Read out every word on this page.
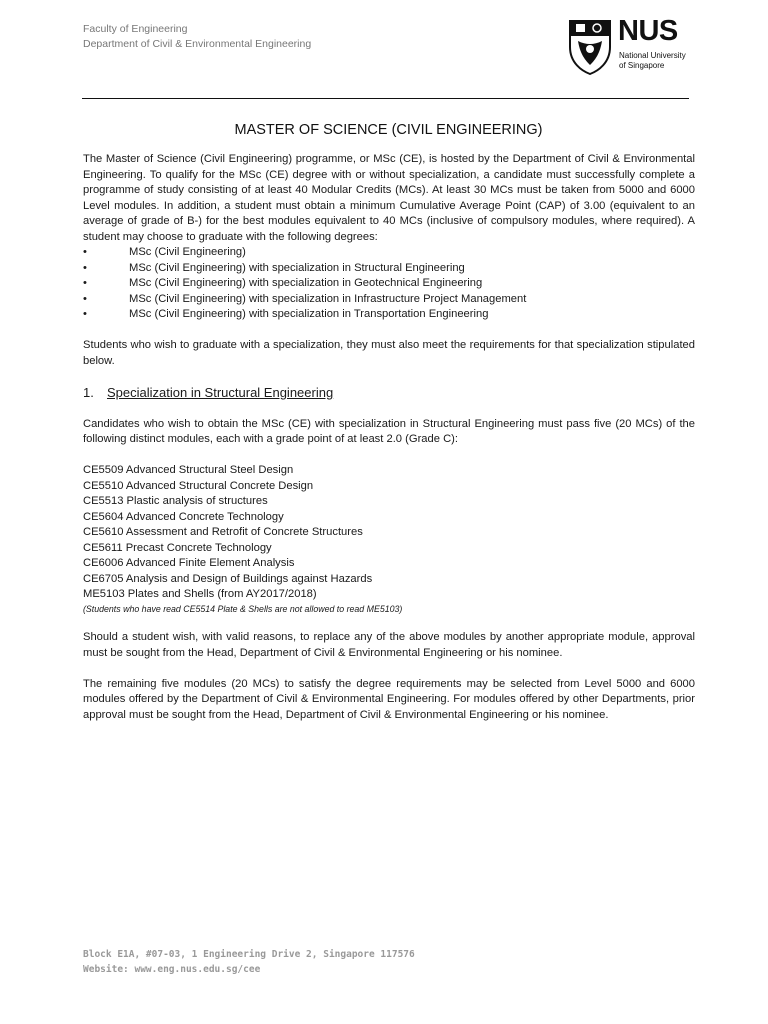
Faculty of Engineering
Department of Civil & Environmental Engineering	NUS
National University
of Singapore
MASTER OF SCIENCE (CIVIL ENGINEERING)

The Master of Science (Civil Engineering) programme, or MSc (CE), is hosted by the Department of Civil & Environmental Engineering. To qualify for the MSc (CE) degree with or without specialization, a candidate must successfully complete a programme of study consisting of at least 40 Modular Credits (MCs). At least 30 MCs must be taken from 5000 and 6000 Level modules. In addition, a student must obtain a minimum Cumulative Average Point (CAP) of 3.00 (equivalent to an average of grade of B-) for the best modules equivalent to 40 MCs (inclusive of compulsory modules, where required). A student may choose to graduate with the following degrees:

•	MSc (Civil Engineering)
•	MSc (Civil Engineering) with specialization in Structural Engineering
•	MSc (Civil Engineering) with specialization in Geotechnical Engineering
•	MSc (Civil Engineering) with specialization in Infrastructure Project Management
•	MSc (Civil Engineering) with specialization in Transportation Engineering

Students who wish to graduate with a specialization, they must also meet the requirements for that specialization stipulated below.

1. Specialization in Structural Engineering

Candidates who wish to obtain the MSc (CE) with specialization in Structural Engineering must pass five (20 MCs) of the following distinct modules, each with a grade point of at least 2.0 (Grade C):

CE5509 Advanced Structural Steel Design
CE5510 Advanced Structural Concrete Design
CE5513 Plastic analysis of structures
CE5604 Advanced Concrete Technology
CE5610 Assessment and Retrofit of Concrete Structures
CE5611 Precast Concrete Technology
CE6006 Advanced Finite Element Analysis
CE6705 Analysis and Design of Buildings against Hazards
ME5103 Plates and Shells (from AY2017/2018)
(Students who have read CE5514 Plate & Shells are not allowed to read ME5103)

Should a student wish, with valid reasons, to replace any of the above modules by another appropriate module, approval must be sought from the Head, Department of Civil & Environmental Engineering or his nominee.

The remaining five modules (20 MCs) to satisfy the degree requirements may be selected from Level 5000 and 6000 modules offered by the Department of Civil & Environmental Engineering. For modules offered by other Departments, prior approval must be sought from the Head, Department of Civil & Environmental Engineering or his nominee.

Block E1A, #07-03, 1 Engineering Drive 2, Singapore 117576
Website: www.eng.nus.edu.sg/cee
